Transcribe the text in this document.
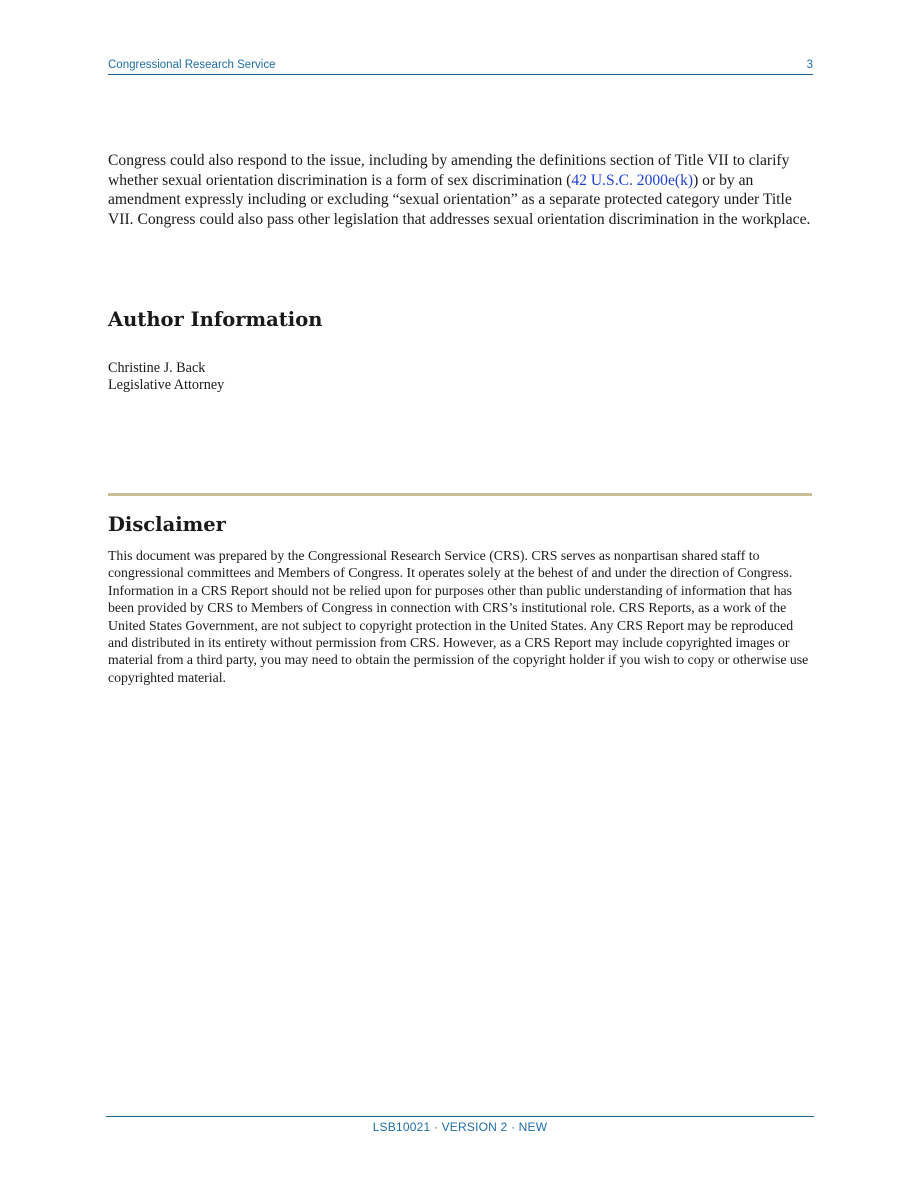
Congressional Research Service	3

Congress could also respond to the issue, including by amending the definitions section of Title VII to clarify whether sexual orientation discrimination is a form of sex discrimination (42 U.S.C. 2000e(k)) or by an amendment expressly including or excluding “sexual orientation” as a separate protected category under Title VII. Congress could also pass other legislation that addresses sexual orientation discrimination in the workplace.

Author Information
Christine J. Back
Legislative Attorney
Disclaimer

This document was prepared by the Congressional Research Service (CRS). CRS serves as nonpartisan shared staff to congressional committees and Members of Congress. It operates solely at the behest of and under the direction of Congress. Information in a CRS Report should not be relied upon for purposes other than public understanding of information that has been provided by CRS to Members of Congress in connection with CRS’s institutional role. CRS Reports, as a work of the United States Government, are not subject to copyright protection in the United States. Any CRS Report may be reproduced and distributed in its entirety without permission from CRS. However, as a CRS Report may include copyrighted images or material from a third party, you may need to obtain the permission of the copyright holder if you wish to copy or otherwise use copyrighted material.

LSB10021 · VERSION 2 · NEW
